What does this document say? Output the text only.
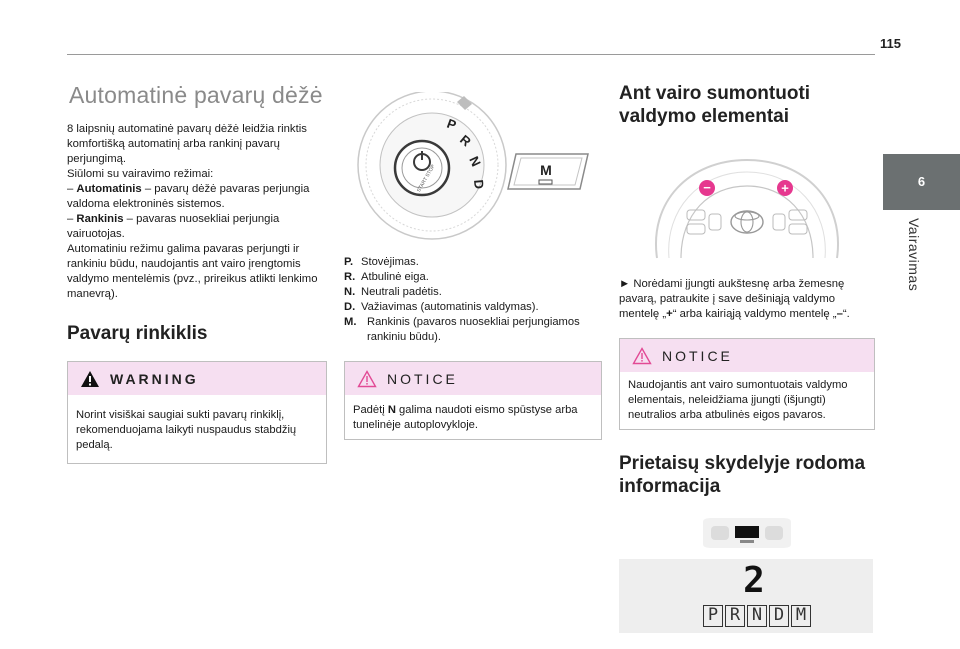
115
6
Vairavimas
Automatinė pavarų dėžė

8 laipsnių automatinė pavarų dėžė leidžia rinktis komfortišką automatinį arba rankinį pavarų perjungimą.

Siūlomi su vairavimo režimai:

– Automatinis – pavarų dėžė pavaras perjungia valdoma elektroninės sistemos.

– Rankinis – pavaras nuosekliai perjungia vairuotojas.

Automatiniu režimu galima pavaras perjungti ir rankiniu būdu, naudojantis ant vairo įrengtomis valdymo mentelėmis (pvz., prireikus atlikti lenkimo manevrą).

Pavarų rinkiklis
WARNING
Norint visiškai saugiai sukti pavarų rinkiklį, rekomenduojama laikyti nuspaudus stabdžių pedalą.
START STOP
P
R
N
D
M
P. Stovėjimas.
R. Atbulinė eiga.
N. Neutrali padėtis.
D. Važiavimas (automatinis valdymas).
M. Rankinis (pavaros nuosekliai perjungiamos rankiniu būdu).
NOTICE
Padėtį N galima naudoti eismo spūstyse arba tunelinėje autoplovykloje.
Ant vairo sumontuoti valdymo elementai
−	+

► Norėdami įjungti aukštesnę arba žemesnę pavarą, patraukite į save dešiniąją valdymo mentelę „+“ arba kairiąją valdymo mentelę „–“.

NOTICE
Naudojantis ant vairo sumontuotais valdymo elementais, neleidžiama įjungti (išjungti) neutralios arba atbulinės eigos pavaros.
Prietaisų skydelyje rodoma informacija
2
P R N D M
